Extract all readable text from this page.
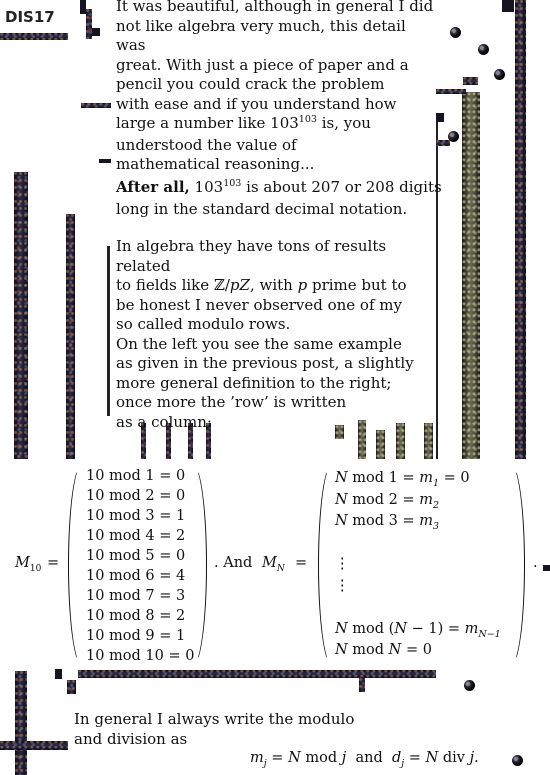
DIS17

It was beautiful, although in general I did

not like algebra very much, this detail was

great. With just a piece of paper and a

pencil you could crack the problem

with ease and if you understand how

large a number like $103^{103}$ is, you

understood the value of

mathematical reasoning...

After all, $103^{103}$ is about 207 or 208 digits

long in the standard decimal notation.

In algebra they have tons of results related

to fields like ℤ/pZ, with p prime but to

be honest I never observed one of my

so called modulo rows.

On the left you see the same example

as given in the previous post, a slightly

more general definition to the right;

once more the ’row’ is written

as a column:

$M_{10}$ =
10 mod 1 = 0
10 mod 2 = 0
10 mod 3 = 1
10 mod 4 = 2
10 mod 5 = 0
10 mod 6 = 4
10 mod 7 = 3
10 mod 8 = 2
10 mod 9 = 1
10 mod 10 = 0
. And $M_N$ =
N mod $1 = m_1 = 0$
N mod $2 = m_2$
N mod $3 = m_3$

⋮
⋮

N mod $(N - 1) = m_{N-1}$
N mod N = 0
.

In general I always write the modulo

and division as

$m_j = N$ mod j  and  $d_j = N$ div j.
